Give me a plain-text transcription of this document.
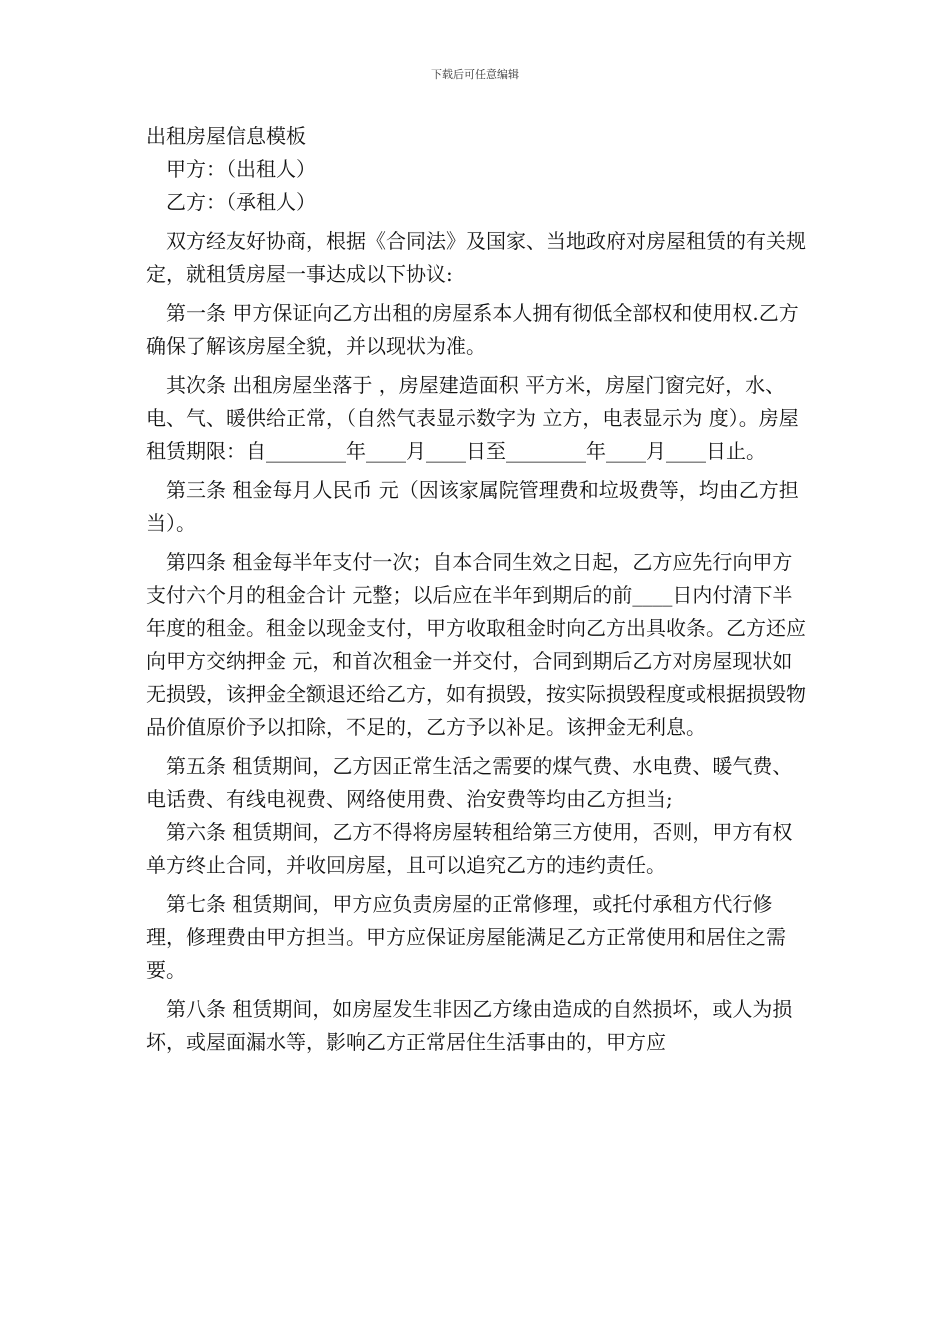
下载后可任意编辑

出租房屋信息模板

甲方：（出租人）

乙方：（承租人）

双方经友好协商，根据《合同法》及国家、当地政府对房屋租赁的有关规定，就租赁房屋一事达成以下协议:

第一条 甲方保证向乙方出租的房屋系本人拥有彻低全部权和使用权.乙方确保了解该房屋全貌，并以现状为准。

其次条 出租房屋坐落于 ，房屋建造面积 平方米，房屋门窗完好，水、电、气、暖供给正常，（自然气表显示数字为 立方，电表显示为 度）。房屋租赁期限：自________年____月____日至________年____月____日止。

第三条 租金每月人民币 元（因该家属院管理费和垃圾费等，均由乙方担当）。

第四条 租金每半年支付一次；自本合同生效之日起，乙方应先行向甲方支付六个月的租金合计 元整；以后应在半年到期后的前____日内付清下半年度的租金。租金以现金支付，甲方收取租金时向乙方出具收条。乙方还应向甲方交纳押金 元，和首次租金一并交付，合同到期后乙方对房屋现状如无损毁，该押金全额退还给乙方，如有损毁，按实际损毁程度或根据损毁物品价值原价予以扣除，不足的，乙方予以补足。该押金无利息。

第五条 租赁期间，乙方因正常生活之需要的煤气费、水电费、暖气费、电话费、有线电视费、网络使用费、治安费等均由乙方担当;

第六条 租赁期间，乙方不得将房屋转租给第三方使用，否则，甲方有权单方终止合同，并收回房屋，且可以追究乙方的违约责任。

第七条 租赁期间，甲方应负责房屋的正常修理，或托付承租方代行修理，修理费由甲方担当。甲方应保证房屋能满足乙方正常使用和居住之需要。

第八条 租赁期间，如房屋发生非因乙方缘由造成的自然损坏，或人为损坏，或屋面漏水等，影响乙方正常居住生活事由的，甲方应
